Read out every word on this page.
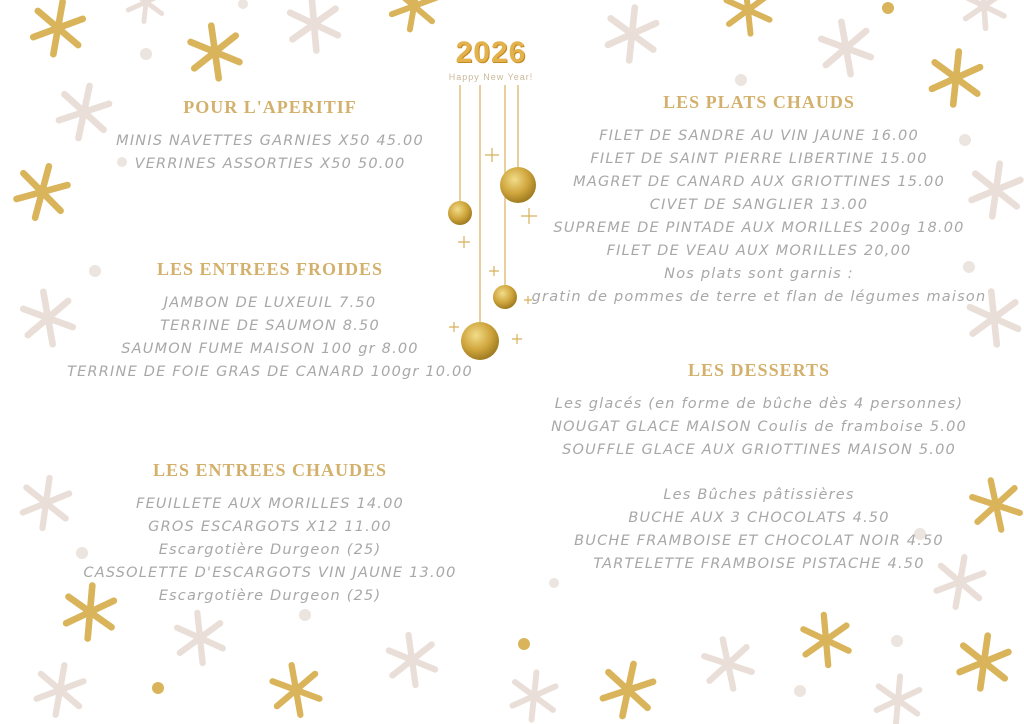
2026
Happy New Year!
POUR L'APERITIF
MINIS NAVETTES GARNIES X50 45.00
VERRINES ASSORTIES X50 50.00
LES ENTREES FROIDES
JAMBON DE LUXEUIL 7.50
TERRINE DE SAUMON 8.50
SAUMON FUME MAISON 100 gr 8.00
TERRINE DE FOIE GRAS DE CANARD 100gr 10.00
LES ENTREES CHAUDES
FEUILLETE AUX MORILLES 14.00
GROS ESCARGOTS X12 11.00
Escargotière Durgeon (25)
CASSOLETTE D'ESCARGOTS VIN JAUNE 13.00
Escargotière Durgeon (25)
LES PLATS CHAUDS
FILET DE SANDRE AU VIN JAUNE 16.00
FILET DE SAINT PIERRE LIBERTINE 15.00
MAGRET DE CANARD AUX GRIOTTINES 15.00
CIVET DE SANGLIER 13.00
SUPREME DE PINTADE AUX MORILLES 200g 18.00
FILET DE VEAU AUX MORILLES 20,00
Nos plats sont garnis :
gratin de pommes de terre et flan de légumes maison
LES DESSERTS
Les glacés (en forme de bûche dès 4 personnes)
NOUGAT GLACE MAISON Coulis de framboise 5.00
SOUFFLE GLACE AUX GRIOTTINES MAISON 5.00
Les Bûches pâtissières
BUCHE AUX 3 CHOCOLATS 4.50
BUCHE FRAMBOISE ET CHOCOLAT NOIR 4.50
TARTELETTE FRAMBOISE PISTACHE 4.50
